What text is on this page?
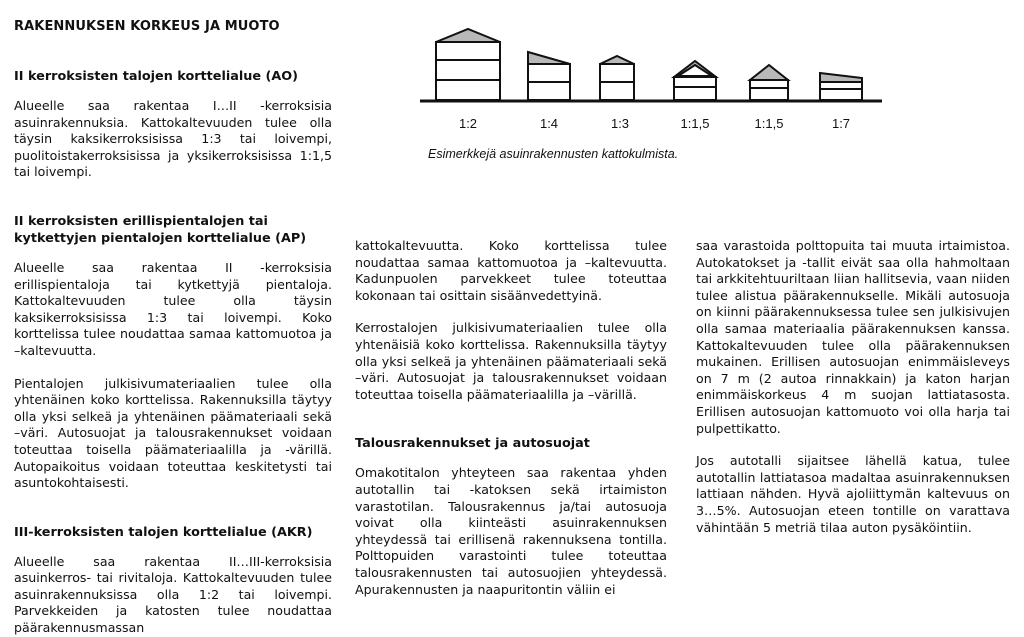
RAKENNUKSEN KORKEUS JA MUOTO
1:2	1:4	1:3	1:1,5	1:1,5	1:7
Esimerkkejä asuinrakennusten kattokulmista.
II kerroksisten talojen korttelialue (AO)

Alueelle saa rakentaa I…II -kerroksisia asuinrakennuksia. Kattokaltevuuden tulee olla täysin kaksikerroksisissa 1:3 tai loivempi, puolitoistakerroksisissa ja yksikerroksisissa 1:1,5 tai loivempi.

II kerroksisten erillispientalojen tai kytkettyjen pientalojen korttelialue (AP)

Alueelle saa rakentaa II -kerroksisia erillispientaloja tai kytkettyjä pientaloja. Kattokaltevuuden tulee olla täysin kaksikerroksisissa 1:3 tai loivempi. Koko korttelissa tulee noudattaa samaa kattomuotoa ja –kaltevuutta.

Pientalojen julkisivumateriaalien tulee olla yhtenäinen koko korttelissa. Rakennuksilla täytyy olla yksi selkeä ja yhtenäinen päämateriaali sekä –väri. Autosuojat ja talousrakennukset voidaan toteuttaa toisella päämateriaalilla ja -värillä. Autopaikoitus voidaan toteuttaa keskitetysti tai asuntokohtaisesti.

III-kerroksisten talojen korttelialue (AKR)

Alueelle saa rakentaa II…III-kerroksisia asuinkerros- tai rivitaloja. Kattokaltevuuden tulee asuinrakennuksissa olla 1:2 tai loivempi. Parvekkeiden ja katosten tulee noudattaa päärakennusmassan

kattokaltevuutta. Koko korttelissa tulee noudattaa samaa kattomuotoa ja –kaltevuutta. Kadunpuolen parvekkeet tulee toteuttaa kokonaan tai osittain sisäänvedettyinä.

Kerrostalojen julkisivumateriaalien tulee olla yhtenäisiä koko korttelissa. Rakennuksilla täytyy olla yksi selkeä ja yhtenäinen päämateriaali sekä –väri. Autosuojat ja talousrakennukset voidaan toteuttaa toisella päämateriaalilla ja –värillä.

Talousrakennukset ja autosuojat

Omakotitalon yhteyteen saa rakentaa yhden autotallin tai -katoksen sekä irtaimiston varastotilan. Talousrakennus ja/tai autosuoja voivat olla kiinteästi asuinrakennuksen yhteydessä tai erillisenä rakennuksena tontilla. Polttopuiden varastointi tulee toteuttaa talousrakennusten tai autosuojien yhteydessä. Apurakennusten ja naapuritontin väliin ei

saa varastoida polttopuita tai muuta irtaimistoa. Autokatokset ja -tallit eivät saa olla hahmoltaan tai arkkitehtuuriltaan liian hallitsevia, vaan niiden tulee alistua päärakennukselle. Mikäli autosuoja on kiinni päärakennuksessa tulee sen julkisivujen olla samaa materiaalia päärakennuksen kanssa. Kattokaltevuuden tulee olla päärakennuksen mukainen. Erillisen autosuojan enimmäisleveys on 7 m (2 autoa rinnakkain) ja katon harjan enimmäiskorkeus 4 m suojan lattiatasosta. Erillisen autosuojan kattomuoto voi olla harja tai pulpettikatto.

Jos autotalli sijaitsee lähellä katua, tulee autotallin lattiatasoa madaltaa asuinrakennuksen lattiaan nähden. Hyvä ajoliittymän kaltevuus on 3…5%. Autosuojan eteen tontille on varattava vähintään 5 metriä tilaa auton pysäköintiin.
